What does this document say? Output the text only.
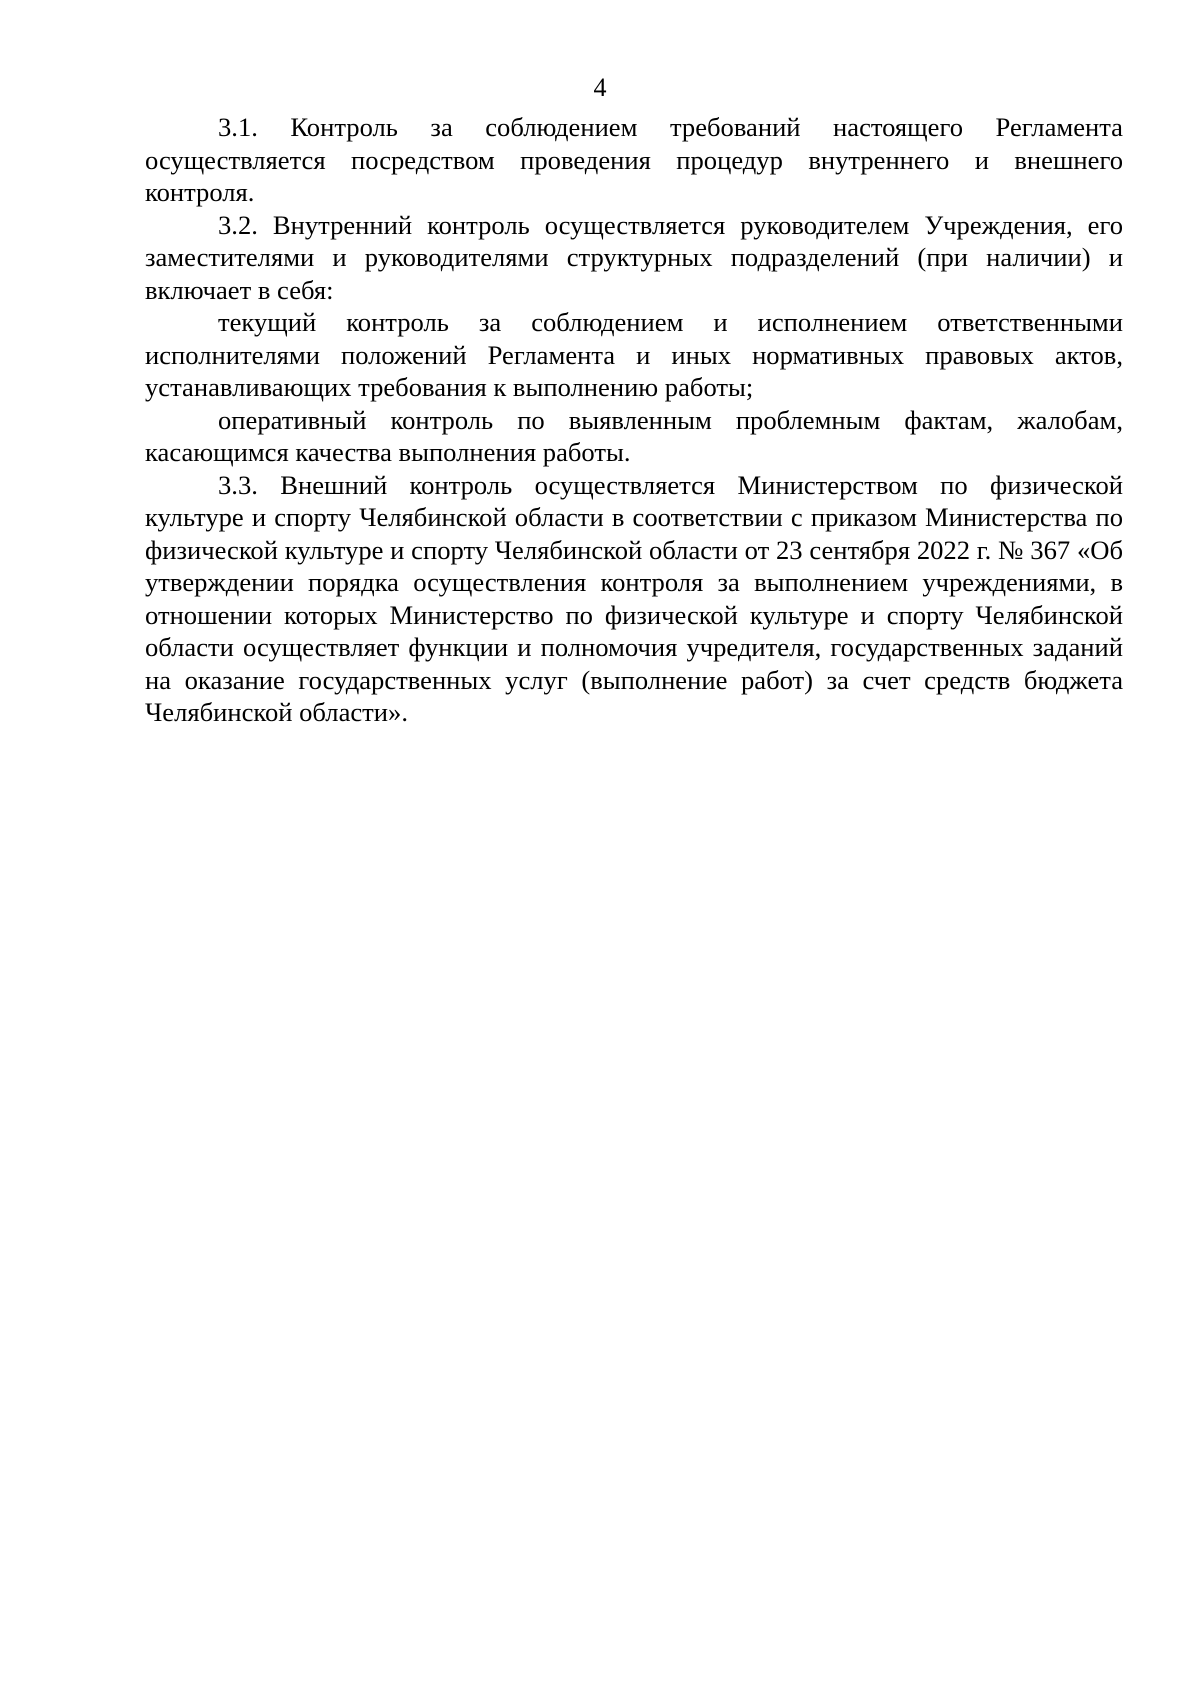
4

3.1. Контроль за соблюдением требований настоящего Регламента осуществляется посредством проведения процедур внутреннего и внешнего контроля.

3.2. Внутренний контроль осуществляется руководителем Учреждения, его заместителями и руководителями структурных подразделений (при наличии) и включает в себя:

текущий контроль за соблюдением и исполнением ответственными исполнителями положений Регламента и иных нормативных правовых актов, устанавливающих требования к выполнению работы;

оперативный контроль по выявленным проблемным фактам, жалобам, касающимся качества выполнения работы.

3.3. Внешний контроль осуществляется Министерством по физической культуре и спорту Челябинской области в соответствии с приказом Министерства по физической культуре и спорту Челябинской области от 23 сентября 2022 г. № 367 «Об утверждении порядка осуществления контроля за выполнением учреждениями, в отношении которых Министерство по физической культуре и спорту Челябинской области осуществляет функции и полномочия учредителя, государственных заданий на оказание государственных услуг (выполнение работ) за счет средств бюджета Челябинской области».
